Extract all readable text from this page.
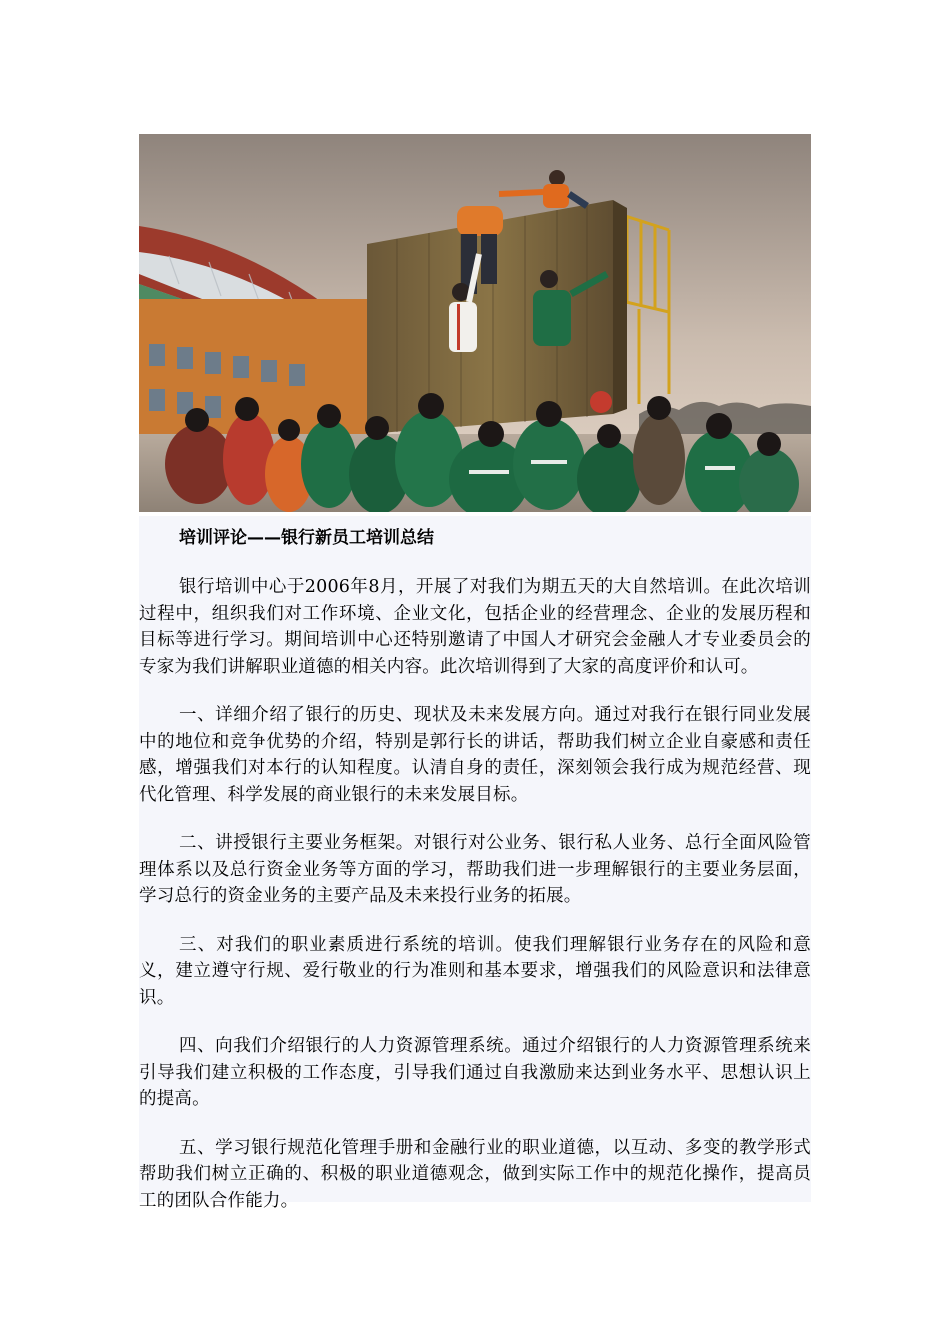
培训评论——银行新员工培训总结

银行培训中心于2006年8月，开展了对我们为期五天的大自然培训。在此次培训过程中，组织我们对工作环境、企业文化，包括企业的经营理念、企业的发展历程和目标等进行学习。期间培训中心还特别邀请了中国人才研究会金融人才专业委员会的专家为我们讲解职业道德的相关内容。此次培训得到了大家的高度评价和认可。

一、详细介绍了银行的历史、现状及未来发展方向。通过对我行在银行同业发展中的地位和竞争优势的介绍，特别是郭行长的讲话，帮助我们树立企业自豪感和责任感，增强我们对本行的认知程度。认清自身的责任，深刻领会我行成为规范经营、现代化管理、科学发展的商业银行的未来发展目标。

二、讲授银行主要业务框架。对银行对公业务、银行私人业务、总行全面风险管理体系以及总行资金业务等方面的学习，帮助我们进一步理解银行的主要业务层面，学习总行的资金业务的主要产品及未来投行业务的拓展。

三、对我们的职业素质进行系统的培训。使我们理解银行业务存在的风险和意义，建立遵守行规、爱行敬业的行为准则和基本要求，增强我们的风险意识和法律意识。

四、向我们介绍银行的人力资源管理系统。通过介绍银行的人力资源管理系统来引导我们建立积极的工作态度，引导我们通过自我激励来达到业务水平、思想认识上的提高。

五、学习银行规范化管理手册和金融行业的职业道德，以互动、多变的教学形式帮助我们树立正确的、积极的职业道德观念，做到实际工作中的规范化操作，提高员工的团队合作能力。
